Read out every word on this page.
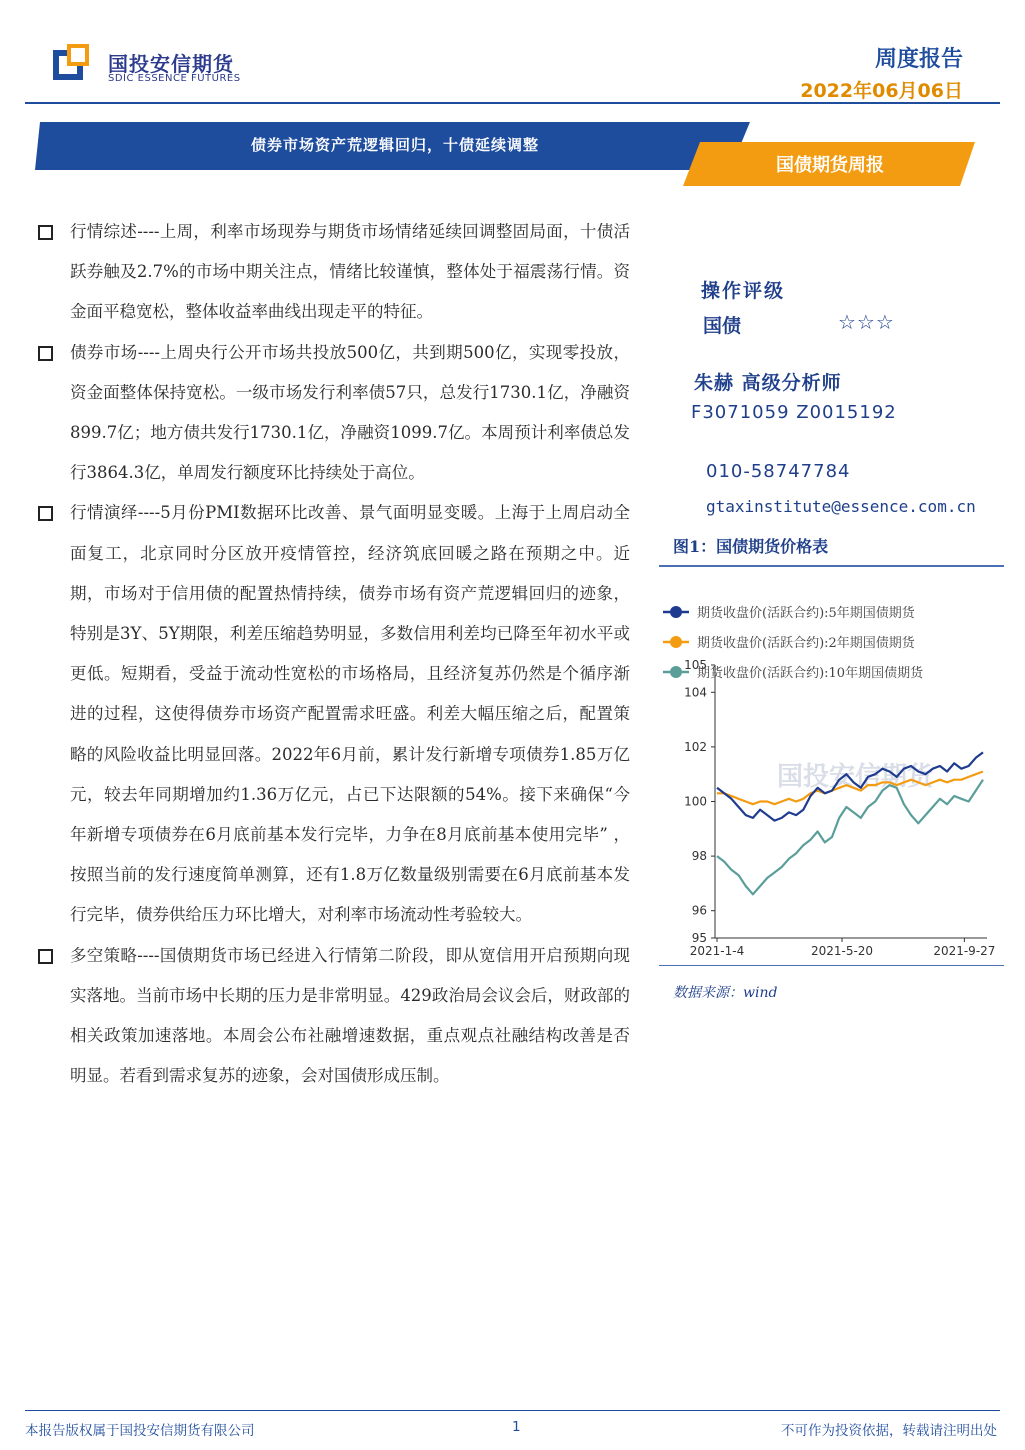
国投安信期货
SDIC ESSENCE FUTURES
周度报告
2022年06月06日
债券市场资产荒逻辑回归，十债延续调整
国债期货周报
行情综述----上周，利率市场现券与期货市场情绪延续回调整固局面，十债活跃券触及2.7%的市场中期关注点，情绪比较谨慎，整体处于福震荡行情。资金面平稳宽松，整体收益率曲线出现走平的特征。
债券市场----上周央行公开市场共投放500亿，共到期500亿，实现零投放，资金面整体保持宽松。一级市场发行利率债57只，总发行1730.1亿，净融资899.7亿；地方债共发行1730.1亿，净融资1099.7亿。本周预计利率债总发行3864.3亿，单周发行额度环比持续处于高位。
行情演绎----5月份PMI数据环比改善、景气面明显变暖。上海于上周启动全面复工，北京同时分区放开疫情管控，经济筑底回暖之路在预期之中。近期，市场对于信用债的配置热情持续，债券市场有资产荒逻辑回归的迹象，特别是3Y、5Y期限，利差压缩趋势明显，多数信用利差均已降至年初水平或更低。短期看，受益于流动性宽松的市场格局，且经济复苏仍然是个循序渐进的过程，这使得债券市场资产配置需求旺盛。利差大幅压缩之后，配置策略的风险收益比明显回落。2022年6月前，累计发行新增专项债券1.85万亿元，较去年同期增加约1.36万亿元，占已下达限额的54%。接下来确保“今年新增专项债券在6月底前基本发行完毕，力争在8月底前基本使用完毕” ，按照当前的发行速度简单测算，还有1.8万亿数量级别需要在6月底前基本发行完毕，债券供给压力环比增大，对利率市场流动性考验较大。
多空策略----国债期货市场已经进入行情第二阶段，即从宽信用开启预期向现实落地。当前市场中长期的压力是非常明显。429政治局会议会后，财政部的相关政策加速落地。本周会公布社融增速数据，重点观点社融结构改善是否明显。若看到需求复苏的迹象，会对国债形成压制。
操作评级
国债	☆☆☆
朱赫 高级分析师
F3071059 Z0015192
010-58747784
gtaxinstitute@essence.com.cn
图1：国债期货价格表
国投安信期货
95
96
98
100
102
104
105
2021-1-4	2021-5-20	2021-9-27
期货收盘价(活跃合约):5年期国债期货
期货收盘价(活跃合约):2年期国债期货
期货收盘价(活跃合约):10年期国债期货
数据来源：wind
本报告版权属于国投安信期货有限公司	1	不可作为投资依据，转载请注明出处
